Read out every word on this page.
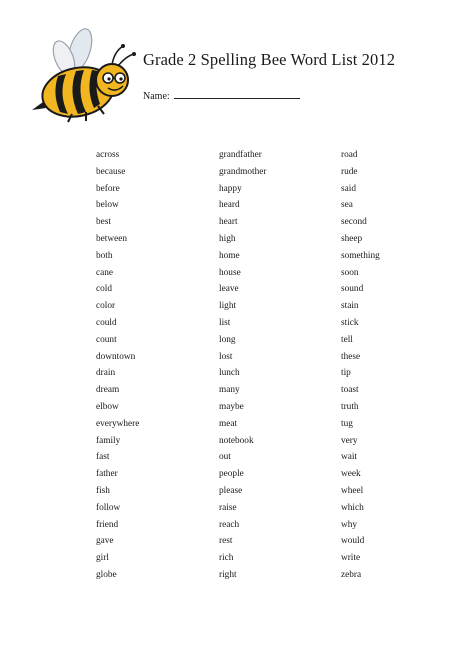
Grade 2 Spelling Bee Word List 2012
Name:
across
because
before
below
best
between
both
cane
cold
color
could
count
downtown
drain
dream
elbow
everywhere
family
fast
father
fish
follow
friend
gave
girl
globe
grandfather
grandmother
happy
heard
heart
high
home
house
leave
light
list
long
lost
lunch
many
maybe
meat
notebook
out
people
please
raise
reach
rest
rich
right
road
rude
said
sea
second
sheep
something
soon
sound
stain
stick
tell
these
tip
toast
truth
tug
very
wait
week
wheel
which
why
would
write
zebra
